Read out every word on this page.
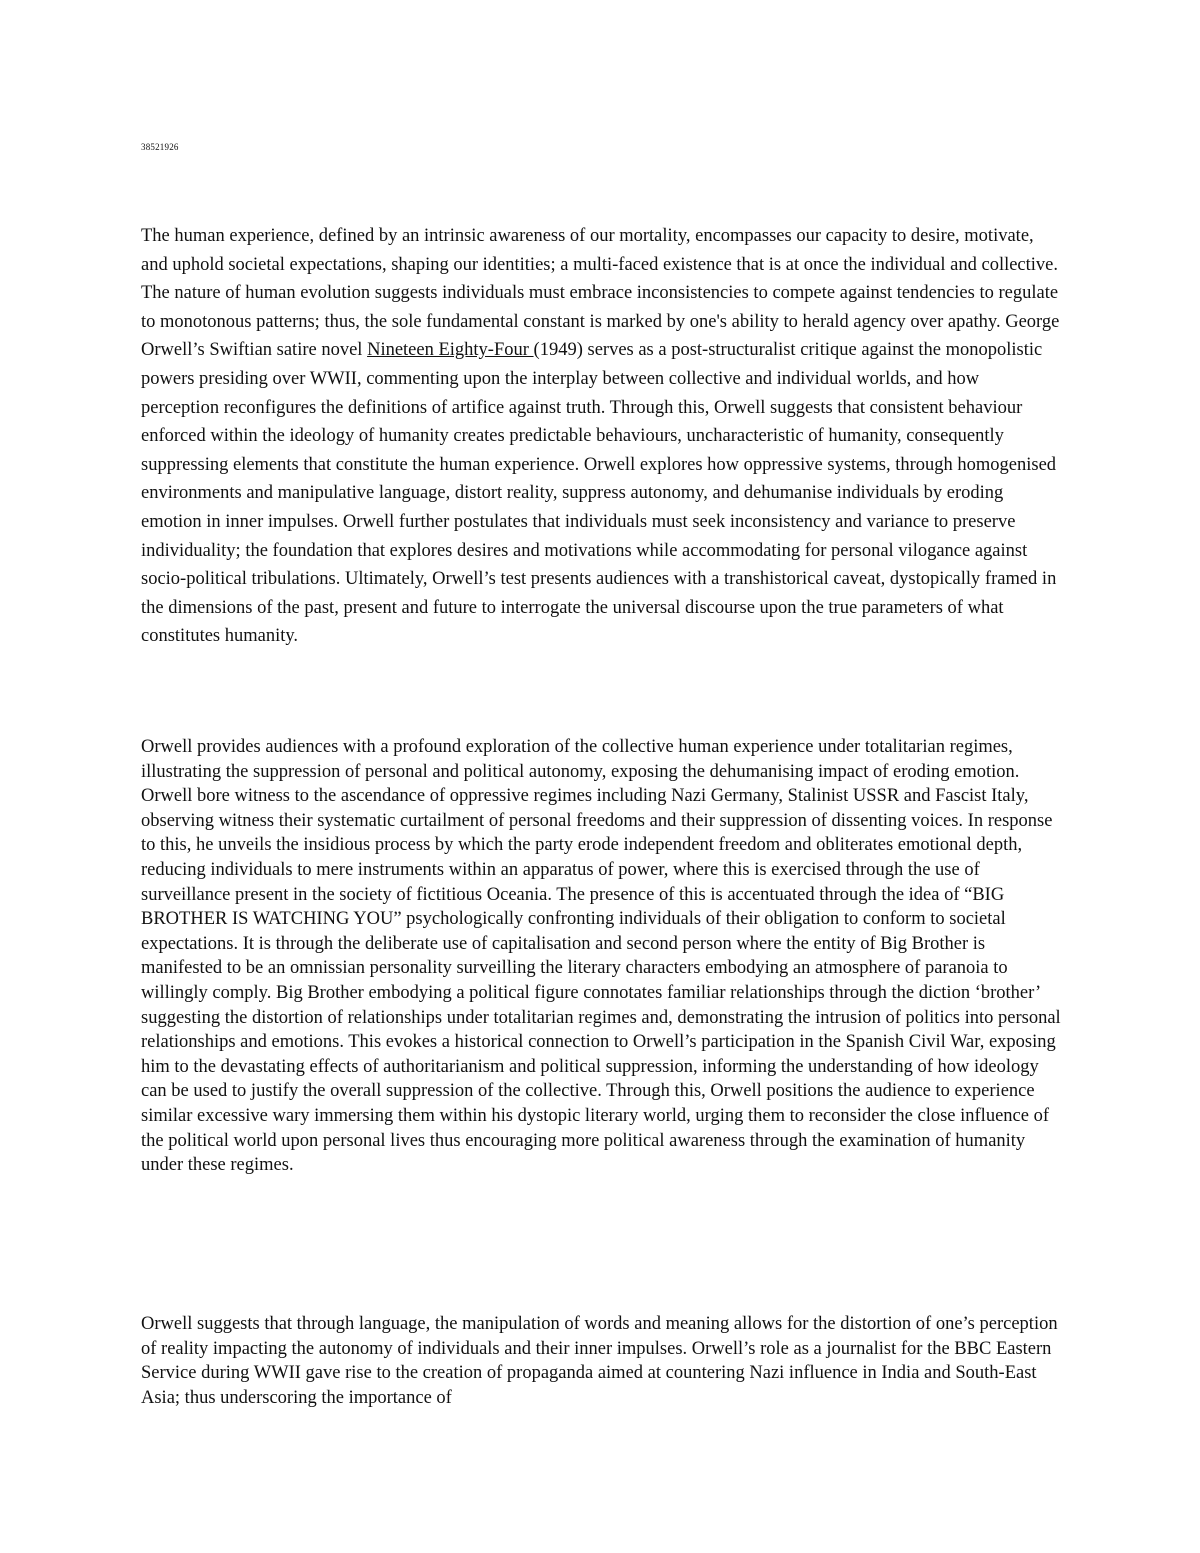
38521926

The human experience, defined by an intrinsic awareness of our mortality, encompasses our capacity to desire, motivate, and uphold societal expectations, shaping our identities; a multi-faced existence that is at once the individual and collective. The nature of human evolution suggests individuals must embrace inconsistencies to compete against tendencies to regulate to monotonous patterns; thus, the sole fundamental constant is marked by one's ability to herald agency over apathy. George Orwell’s Swiftian satire novel Nineteen Eighty-Four (1949) serves as a post-structuralist critique against the monopolistic powers presiding over WWII, commenting upon the interplay between collective and individual worlds, and how perception reconfigures the definitions of artifice against truth. Through this, Orwell suggests that consistent behaviour enforced within the ideology of humanity creates predictable behaviours, uncharacteristic of humanity, consequently suppressing elements that constitute the human experience. Orwell explores how oppressive systems, through homogenised environments and manipulative language, distort reality, suppress autonomy, and dehumanise individuals by eroding emotion in inner impulses. Orwell further postulates that individuals must seek inconsistency and variance to preserve individuality; the foundation that explores desires and motivations while accommodating for personal vilogance against socio-political tribulations. Ultimately, Orwell’s test presents audiences with a transhistorical caveat, dystopically framed in the dimensions of the past, present and future to interrogate the universal discourse upon the true parameters of what constitutes humanity.

Orwell provides audiences with a profound exploration of the collective human experience under totalitarian regimes, illustrating the suppression of personal and political autonomy, exposing the dehumanising impact of eroding emotion. Orwell bore witness to the ascendance of oppressive regimes including Nazi Germany, Stalinist USSR and Fascist Italy, observing witness their systematic curtailment of personal freedoms and their suppression of dissenting voices. In response to this, he unveils the insidious process by which the party erode independent freedom and obliterates emotional depth, reducing individuals to mere instruments within an apparatus of power, where this is exercised through the use of surveillance present in the society of fictitious Oceania. The presence of this is accentuated through the idea of “BIG BROTHER IS WATCHING YOU” psychologically confronting individuals of their obligation to conform to societal expectations. It is through the deliberate use of capitalisation and second person where the entity of Big Brother is manifested to be an omnissian personality surveilling the literary characters embodying an atmosphere of paranoia to willingly comply. Big Brother embodying a political figure connotates familiar relationships through the diction ‘brother’ suggesting the distortion of relationships under totalitarian regimes and, demonstrating the intrusion of politics into personal relationships and emotions. This evokes a historical connection to Orwell’s participation in the Spanish Civil War, exposing him to the devastating effects of authoritarianism and political suppression, informing the understanding of how ideology can be used to justify the overall suppression of the collective. Through this, Orwell positions the audience to experience similar excessive wary immersing them within his dystopic literary world, urging them to reconsider the close influence of the political world upon personal lives thus encouraging more political awareness through the examination of humanity under these regimes.

Orwell suggests that through language, the manipulation of words and meaning allows for the distortion of one’s perception of reality impacting the autonomy of individuals and their inner impulses. Orwell’s role as a journalist for the BBC Eastern Service during WWII gave rise to the creation of propaganda aimed at countering Nazi influence in India and South-East Asia; thus underscoring the importance of
